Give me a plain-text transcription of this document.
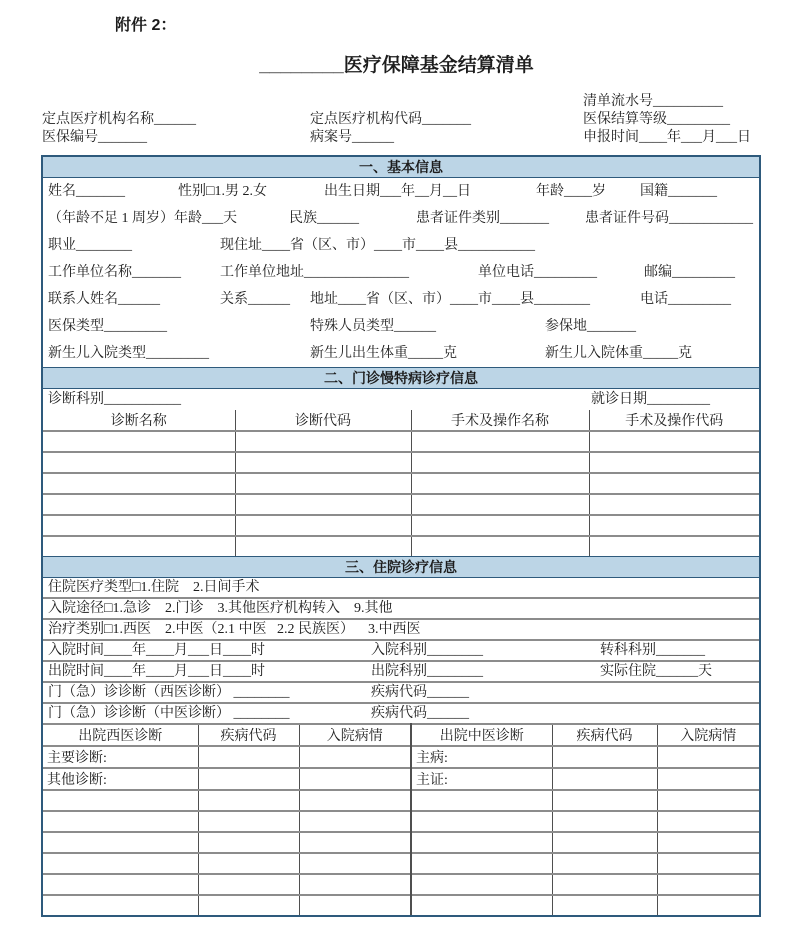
附件 2：
________医疗保障基金结算清单
清单流水号__________
定点医疗机构名称______	定点医疗机构代码_______	医保结算等级_________
医保编号_______	病案号______	申报时间____年___月___日
一、基本信息
姓名_______	性别□1.男 2.女	出生日期___年__月__日	年龄____岁 国籍_______
（年龄不足 1 周岁）年龄___天	民族______	患者证件类别_______	患者证件号码____________
职业________	现住址____省（区、市）____市____县___________
工作单位名称_______	工作单位地址_______________	单位电话_________	邮编_________
联系人姓名______	关系______ 地址____省（区、市）____市____县________	电话_________
医保类型_________	特殊人员类型______	参保地_______
新生儿入院类型_________	新生儿出生体重_____克	新生儿入院体重_____克
二、门诊慢特病诊疗信息
诊断科别___________	就诊日期_________
诊断名称	诊断代码	手术及操作名称	手术及操作代码

三、住院诊疗信息
住院医疗类型□1.住院    2.日间手术
入院途径□1.急诊    2.门诊    3.其他医疗机构转入    9.其他
治疗类别□1.西医    2.中医（2.1 中医   2.2 民族医）    3.中西医
入院时间____年____月___日____时	入院科别________	转科科别_______
出院时间____年____月___日____时	出院科别________	实际住院______天
门（急）诊诊断（西医诊断） ________	疾病代码______
门（急）诊诊断（中医诊断） ________	疾病代码______
出院西医诊断	疾病代码	入院病情	出院中医诊断	疾病代码	入院病情
主要诊断:			主病:		
其他诊断:			主证:		
